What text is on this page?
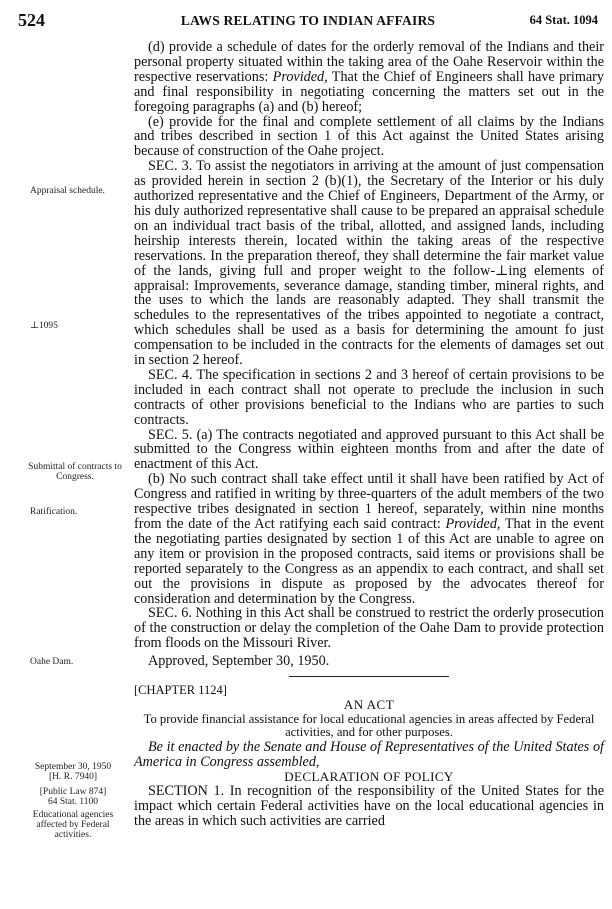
524	LAWS RELATING TO INDIAN AFFAIRS	64 Stat. 1094
Appraisal schedule.
⊥1095
Submittal of contracts to Congress.
Ratification.
Oahe Dam.
September 30, 1950
[H. R. 7940]
[Public Law 874]
64 Stat. 1100
Educational agencies affected by Federal activities.

(d) provide a schedule of dates for the orderly removal of the Indians and their personal property situated within the taking area of the Oahe Reservoir within the respective reservations: Provided, That the Chief of Engineers shall have primary and final responsibility in negotiating concerning the matters set out in the foregoing paragraphs (a) and (b) hereof;

(e) provide for the final and complete settlement of all claims by the Indians and tribes described in section 1 of this Act against the United States arising because of construction of the Oahe project.

SEC. 3. To assist the negotiators in arriving at the amount of just compensation as provided herein in section 2 (b)(1), the Secretary of the Interior or his duly authorized representative and the Chief of Engineers, Department of the Army, or his duly authorized representative shall cause to be prepared an appraisal schedule on an individual tract basis of the tribal, allotted, and assigned lands, including heirship interests therein, located within the taking areas of the respective reservations. In the preparation thereof, they shall determine the fair market value of the lands, giving full and proper weight to the follow-⊥ing elements of appraisal: Improvements, severance damage, standing timber, mineral rights, and the uses to which the lands are reasonably adapted. They shall transmit the schedules to the representatives of the tribes appointed to negotiate a contract, which schedules shall be used as a basis for determining the amount fo just compensation to be included in the contracts for the elements of damages set out in section 2 hereof.

SEC. 4. The specification in sections 2 and 3 hereof of certain provisions to be included in each contract shall not operate to preclude the inclusion in such contracts of other provisions beneficial to the Indians who are parties to such contracts.

SEC. 5. (a) The contracts negotiated and approved pursuant to this Act shall be submitted to the Congress within eighteen months from and after the date of enactment of this Act.

(b) No such contract shall take effect until it shall have been ratified by Act of Congress and ratified in writing by three-quarters of the adult members of the two respective tribes designated in section 1 hereof, separately, within nine months from the date of the Act ratifying each said contract: Provided, That in the event the negotiating parties designated by section 1 of this Act are unable to agree on any item or provision in the proposed contracts, said items or provisions shall be reported separately to the Congress as an appendix to each contract, and shall set out the provisions in dispute as proposed by the advocates thereof for consideration and determination by the Congress.

SEC. 6. Nothing in this Act shall be construed to restrict the orderly prosecution of the construction or delay the completion of the Oahe Dam to provide protection from floods on the Missouri River.

Approved, September 30, 1950.

[CHAPTER 1124]

AN ACT

To provide financial assistance for local educational agencies in areas affected by Federal activities, and for other purposes.

Be it enacted by the Senate and House of Representatives of the United States of America in Congress assembled,

DECLARATION OF POLICY

SECTION 1. In recognition of the responsibility of the United States for the impact which certain Federal activities have on the local educational agencies in the areas in which such activities are carried
